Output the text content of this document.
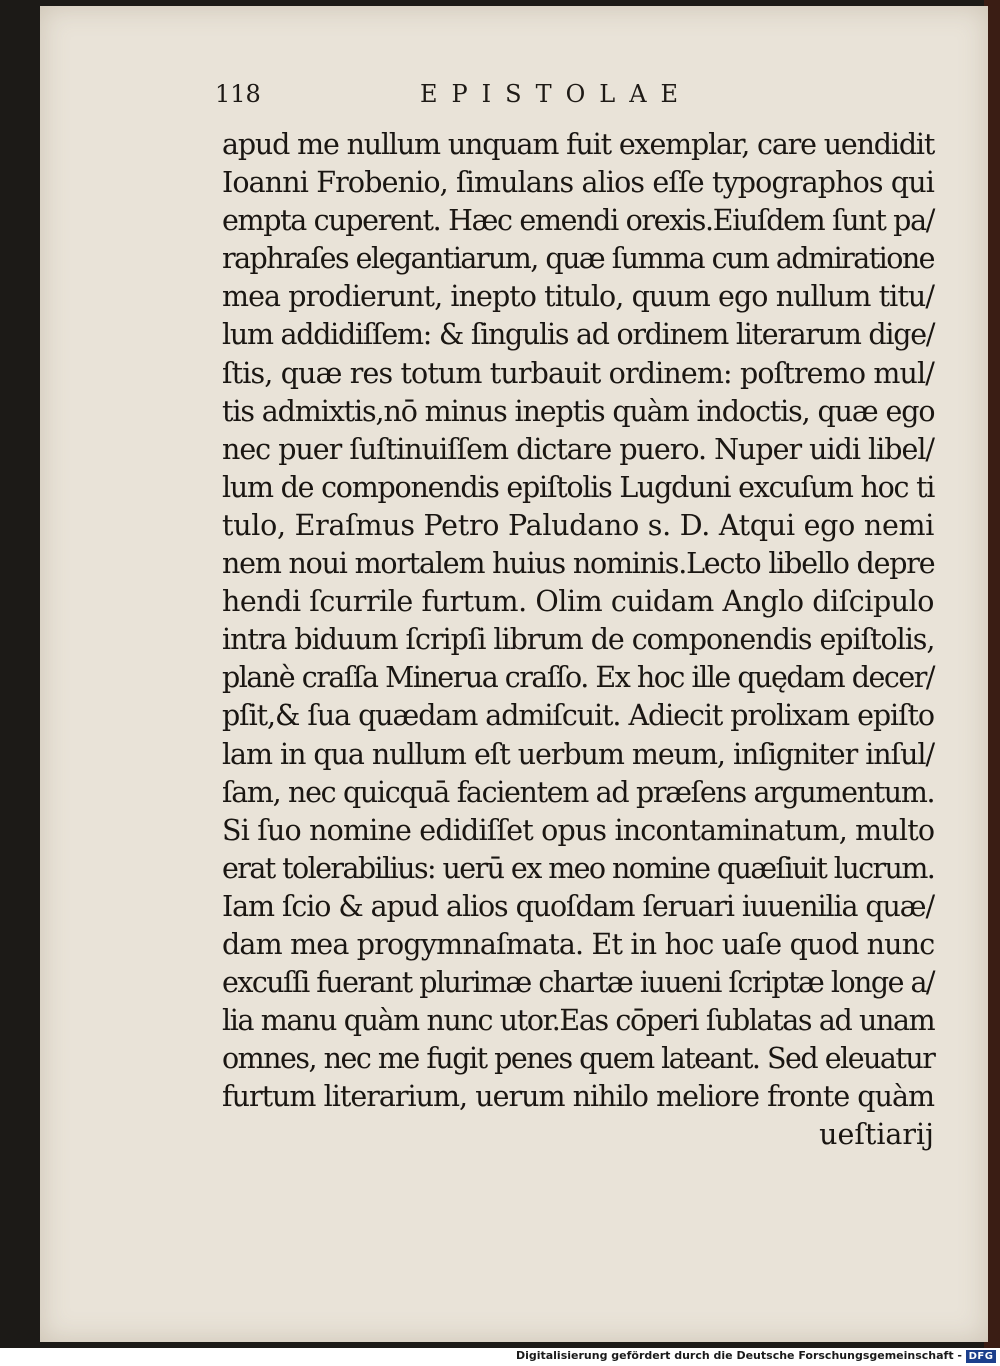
118	EPISTOLAE
apud me nullum unquam fuit exemplar, care uendidit
Ioanni Frobenio, ſimulans alios eſſe typographos qui
empta cuperent. Hæc emendi orexis.Eiuſdem ſunt pa/
raphraſes elegantiarum, quæ ſumma cum admiratione
mea prodierunt, inepto titulo, quum ego nullum titu/
lum addidiſſem: & ſingulis ad ordinem literarum dige/
ſtis, quæ res totum turbauit ordinem: poſtremo mul/
tis admixtis,nō minus ineptis quàm indoctis, quæ ego
nec puer ſuſtinuiſſem dictare puero. Nuper uidi libel/
lum de componendis epiſtolis Lugduni excuſum hoc ti
tulo, Eraſmus Petro Paludano s. D. Atqui ego nemi
nem noui mortalem huius nominis.Lecto libello depre
hendi ſcurrile furtum. Olim cuidam Anglo diſcipulo
intra biduum ſcripſi librum de componendis epiſtolis,
planè craſſa Minerua craſſo. Ex hoc ille quędam decer/
pſit,& ſua quædam admiſcuit. Adiecit prolixam epiſto
lam in qua nullum eſt uerbum meum, inſigniter inſul/
ſam, nec quicquā facientem ad præſens argumentum.
Si ſuo nomine edidiſſet opus incontaminatum, multo
erat tolerabilius: uerū ex meo nomine quæſiuit lucrum.
Iam ſcio & apud alios quoſdam ſeruari iuuenilia quæ/
dam mea progymnaſmata. Et in hoc uaſe quod nunc
excuſſi fuerant plurimæ chartæ iuueni ſcriptæ longe a/
lia manu quàm nunc utor.Eas cōperi ſublatas ad unam
omnes, nec me fugit penes quem lateant. Sed eleuatur
furtum literarium, uerum nihilo meliore fronte quàm
ueſtiarij
Digitalisierung gefördert durch die Deutsche Forschungsgemeinschaft - DFG
